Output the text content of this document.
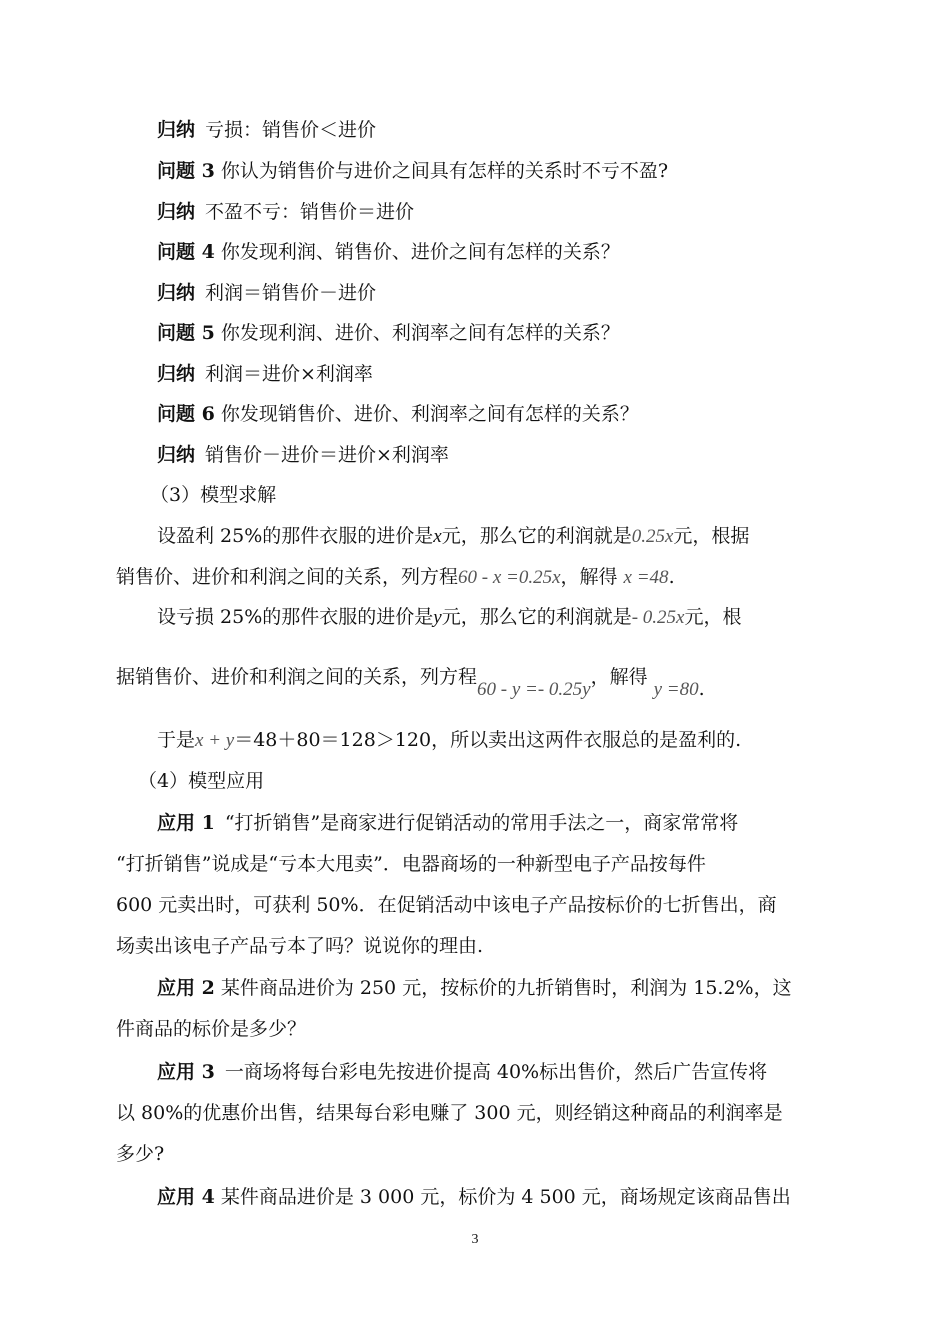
归纳 亏损：销售价＜进价
问题 3 你认为销售价与进价之间具有怎样的关系时不亏不盈?
归纳 不盈不亏：销售价＝进价
问题 4 你发现利润、销售价、进价之间有怎样的关系？
归纳 利润＝销售价－进价
问题 5 你发现利润、进价、利润率之间有怎样的关系？
归纳 利润＝进价×利润率
问题 6 你发现销售价、进价、利润率之间有怎样的关系？
归纳 销售价－进价＝进价×利润率
（3）模型求解
设盈利 25%的那件衣服的进价是x元，那么它的利润就是0.25x元，根据
销售价、进价和利润之间的关系，列方程60 - x =0.25x，解得 x =48.
设亏损 25%的那件衣服的进价是y元，那么它的利润就是- 0.25x元，根
据销售价、进价和利润之间的关系，列方程60 - y =- 0.25y，解得y =80.
于是x + y＝48＋80＝128＞120，所以卖出这两件衣服总的是盈利的.
（4）模型应用
应用 1 “打折销售”是商家进行促销活动的常用手法之一，商家常常将
“打折销售”说成是“亏本大甩卖”．电器商场的一种新型电子产品按每件
600 元卖出时，可获利 50%．在促销活动中该电子产品按标价的七折售出，商
场卖出该电子产品亏本了吗？说说你的理由.
应用 2 某件商品进价为 250 元，按标价的九折销售时，利润为 15.2%，这
件商品的标价是多少？
应用 3 一商场将每台彩电先按进价提高 40%标出售价，然后广告宣传将
以 80%的优惠价出售，结果每台彩电赚了 300 元，则经销这种商品的利润率是
多少?
应用 4 某件商品进价是 3 000 元，标价为 4 500 元，商场规定该商品售出
3
